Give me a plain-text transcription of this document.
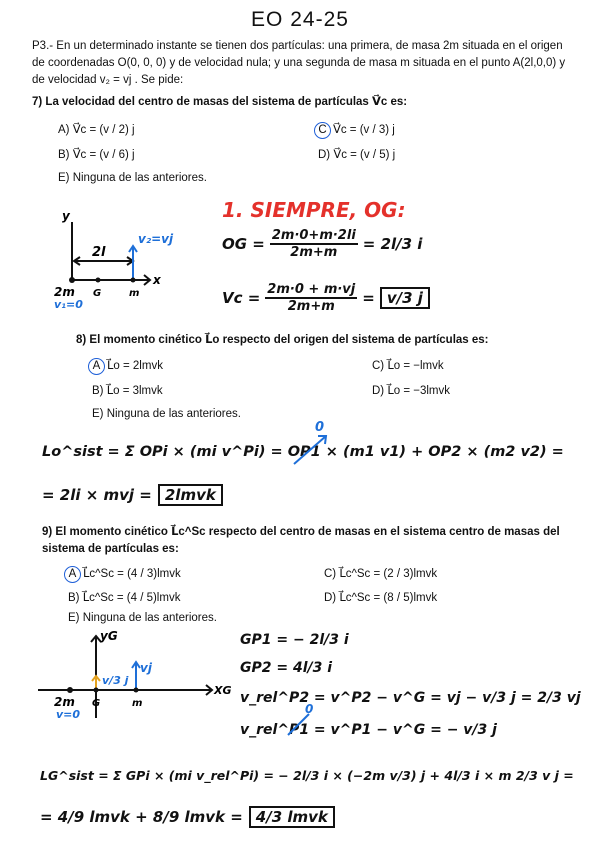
EO 24-25
P3.- En un determinado instante se tienen dos partículas: una primera, de masa 2m situada en el origen de coordenadas O(0, 0, 0) y de velocidad nula; y una segunda de masa m situada en el punto A(2l,0,0) y de velocidad v₂ = vj . Se pide:
7) La velocidad del centro de masas del sistema de partículas V⃗c es:
A) V⃗c = (v / 2) j	C V⃗c = (v / 3) j
B) V⃗c = (v / 6) j	D) V⃗c = (v / 5) j
E) Ninguna de las anteriores.
y
x
2l
v₂=vj
2m G	m
v₁=0
1. SIEMPRE, OG:
OG = $\frac{2m\cdot 0+m\cdot 2li}{2m+m} = 2l/3$ i
$Vc = \frac{2m\cdot 0 + m\cdot vj}{2m+m} = v/3$ j
8) El momento cinético L⃗o respecto del origen del sistema de partículas es:
A L⃗o = 2lmvk	C) L⃗o = −lmvk
B) L⃗o = 3lmvk	D) L⃗o = −3lmvk
E) Ninguna de las anteriores.
Lo^sist = Σ OPi × (mi v^Pi) = OP1 × (m1 v1) + OP2 × (m2 v2) =
0
= 2li × mvj = 2lmvk
9) El momento cinético L⃗c^Sc respecto del centro de masas en el sistema centro de masas del sistema de partículas es:
A L⃗c^Sc = (4 / 3)lmvk	C) L⃗c^Sc = (2 / 3)lmvk
B) L⃗c^Sc = (4 / 5)lmvk	D) L⃗c^Sc = (8 / 5)lmvk
E) Ninguna de las anteriores.
yG
XG
v/3 j
vj
2m G	m
v=0
GP1 = − 2l/3 i
GP2 = 4l/3 i
v_rel^P2 = v^P2 − v^G = vj − v/3 j = 2/3 vj
v_rel^P1 = v^P1 − v^G = − v/3 j
0
LG^sist = Σ GPi × (mi v_rel^Pi) = − 2l/3 i × (−2m v/3) j + 4l/3 i × m 2/3 v j =
= 4/9 lmvk + 8/9 lmvk = 4/3 lmvk
